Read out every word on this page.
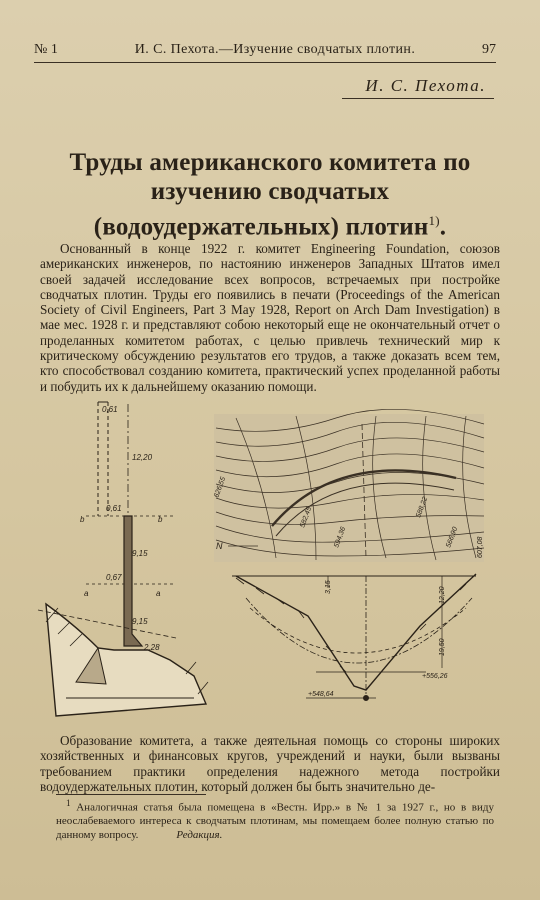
№ 1	И. С. Пехота.—Изучение сводчатых плотин.	97
И. С. Пехота.
Труды американского комитета по изучению сводчатых (водоудержательных) плотин$^{1)}$.

Основанный в конце 1922 г. комитет Engineering Foundation, союзов американских инженеров, по настоянию инженеров Западных Штатов имел своей задачей исследование всех вопросов, встречаемых при постройке сводчатых плотин. Труды его появились в печати (Proceedings of the American Society of Civil Engineers, Part 3 May 1928, Report on Arch Dam Investigation) в мае мес. 1928 г. и представляют собою некоторый еще не окончательный отчет о проделанных комитетом работах, с целью привлечь технический мир к критическому обсуждению результатов его трудов, а также доказать всем тем, кто способствовал созданию комитета, практический успех проделанной работы и побудить их к дальнейшему оказанию помощи.

0,61
0,61
0,67
2,28
12,20
9,15
9,15
b	b
a	a
N
626,55
582,45
594,36
588,22
566,90	607,08
12,20
19,50
3,15
+556,26
+548,64

Образование комитета, а также деятельная помощь со стороны широких хозяйственных и финансовых кругов, учреждений и науки, были вызваны требованием практики определения надежного метода постройки водоудержательных плотин, который должен бы быть значительно де-

$^1$ Аналогичная статья была помещена в «Вестн. Ирр.» в № 1 за 1927 г., но в виду неослабеваемого интереса к сводчатым плотинам, мы помещаем более полную статью по данному вопросу.	Редакция.
